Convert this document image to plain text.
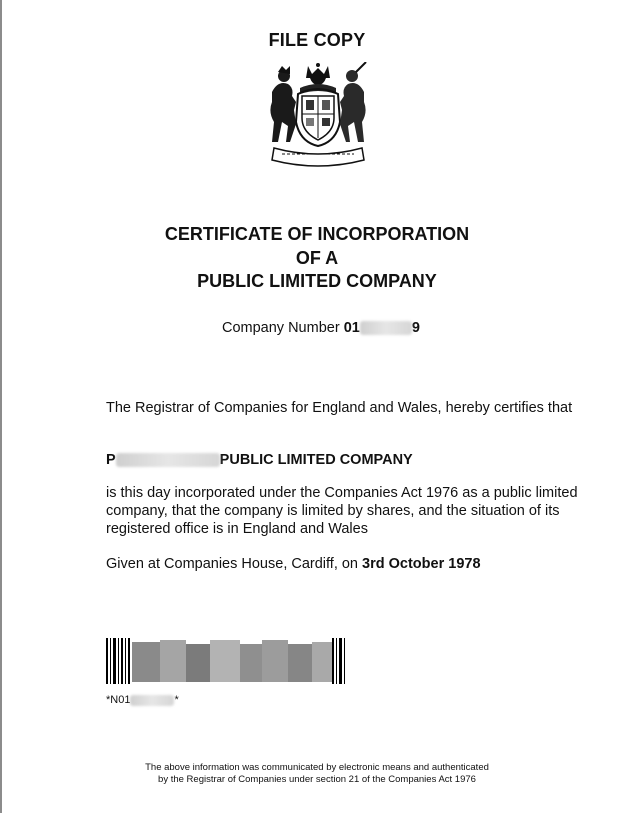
FILE COPY
CERTIFICATE OF INCORPORATION
OF A
PUBLIC LIMITED COMPANY
Company Number 01	9
The Registrar of Companies for England and Wales, hereby certifies that
P	PUBLIC LIMITED COMPANY
is this day incorporated under the Companies Act 1976 as a public limited company, that the company is limited by shares, and the situation of its registered office is in England and Wales
Given at Companies House, Cardiff, on 3rd October 1978
*N01	*
The above information was communicated by electronic means and authenticated
by the Registrar of Companies under section 21 of the Companies Act 1976
